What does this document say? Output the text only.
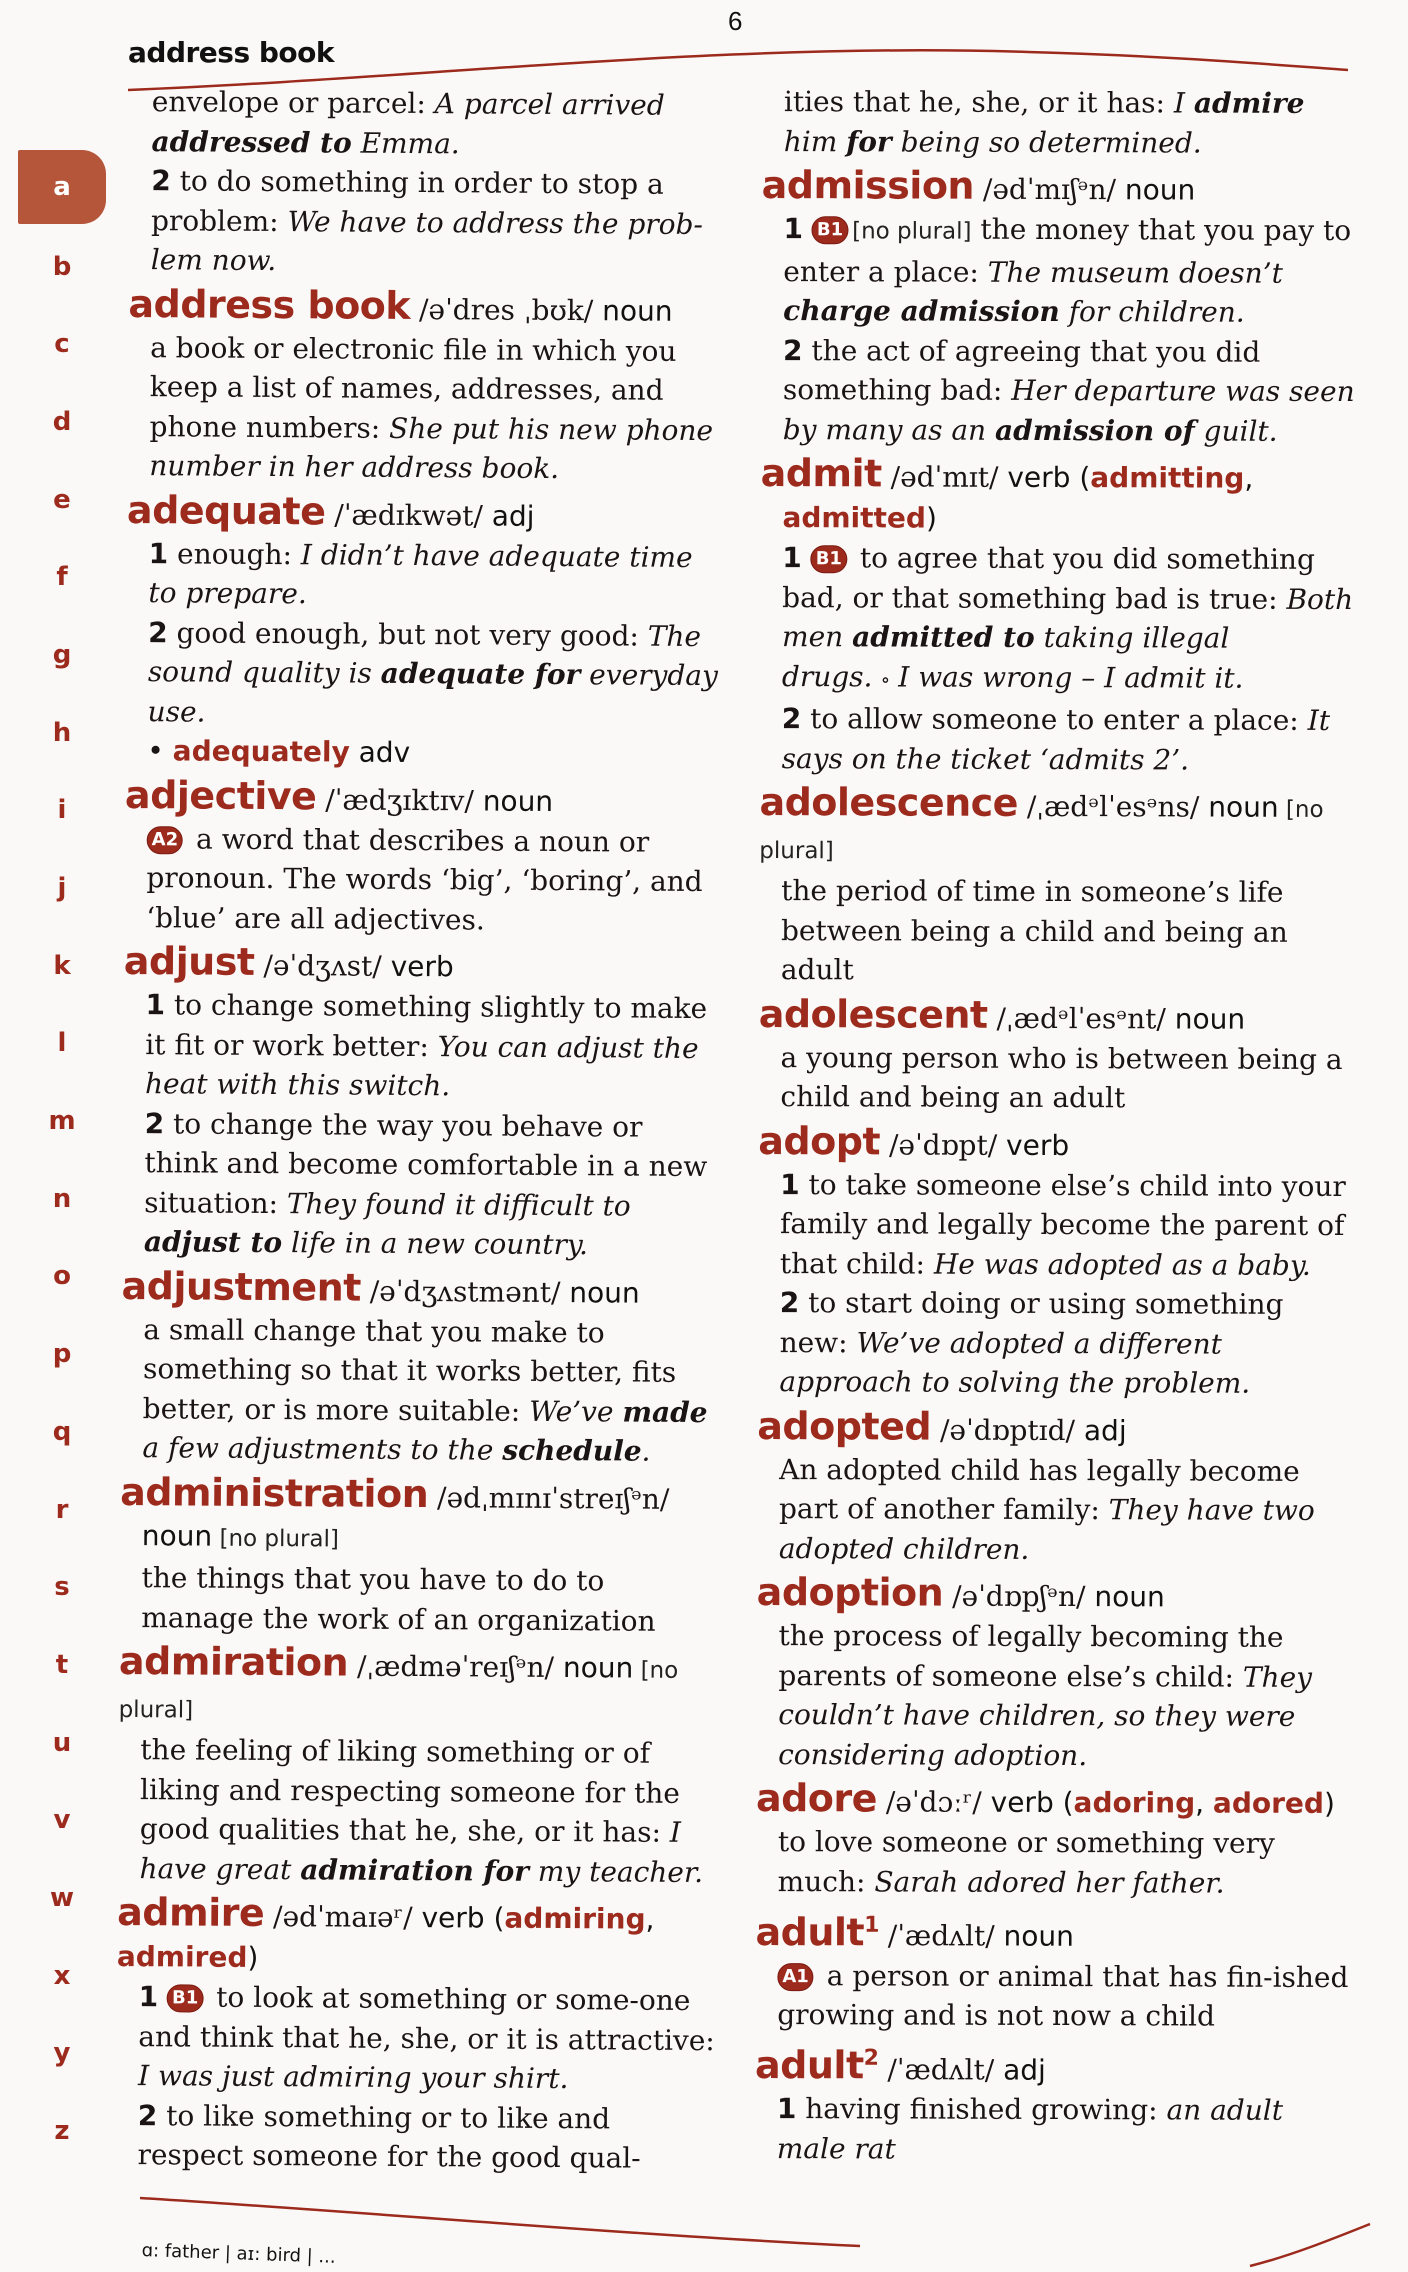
6
address book
a
b
c
d
e
f
g
h
i
j
k
l
m
n
o
p
q
r
s
t
u
v
w
x
y
z
envelope or parcel: A parcel arrived addressed to Emma.
2 to do something in order to stop a problem: We have to address the prob-lem now.
address book /əˈdres ˌbʊk/ noun
a book or electronic file in which you keep a list of names, addresses, and phone numbers: She put his new phone number in her address book.
adequate /ˈædɪkwət/ adj
1 enough: I didn’t have adequate time to prepare.
2 good enough, but not very good: The sound quality is adequate for everyday use.
• adequately adv
adjective /ˈædʒɪktɪv/ noun
A2 a word that describes a noun or pronoun. The words ‘big’, ‘boring’, and ‘blue’ are all adjectives.
adjust /əˈdʒʌst/ verb
1 to change something slightly to make it fit or work better: You can adjust the heat with this switch.
2 to change the way you behave or think and become comfortable in a new situation: They found it difficult to adjust to life in a new country.
adjustment /əˈdʒʌstmənt/ noun
a small change that you make to something so that it works better, fits better, or is more suitable: We’ve made a few adjustments to the schedule.
administration /ədˌmɪnɪˈstreɪʃᵊn/
noun [no plural]
the things that you have to do to manage the work of an organization
admiration /ˌædməˈreɪʃᵊn/ noun [no plural]
the feeling of liking something or of liking and respecting someone for the good qualities that he, she, or it has: I have great admiration for my teacher.
admire /ədˈmaɪəʳ/ verb (admiring, admired)
1 B1 to look at something or some-one and think that he, she, or it is attractive: I was just admiring your shirt.
2 to like something or to like and respect someone for the good qual-
ities that he, she, or it has: I admire him for being so determined.
admission /ədˈmɪʃᵊn/ noun
1 B1 [no plural] the money that you pay to enter a place: The museum doesn’t charge admission for children.
2 the act of agreeing that you did something bad: Her departure was seen by many as an admission of guilt.
admit /ədˈmɪt/ verb (admitting,
admitted)
1 B1 to agree that you did something bad, or that something bad is true: Both men admitted to taking illegal drugs. ∘ I was wrong – I admit it.
2 to allow someone to enter a place: It says on the ticket ‘admits 2’.
adolescence /ˌædᵊlˈesᵊns/ noun [no plural]
the period of time in someone’s life between being a child and being an adult
adolescent /ˌædᵊlˈesᵊnt/ noun
a young person who is between being a child and being an adult
adopt /əˈdɒpt/ verb
1 to take someone else’s child into your family and legally become the parent of that child: He was adopted as a baby.
2 to start doing or using something new: We’ve adopted a different approach to solving the problem.
adopted /əˈdɒptɪd/ adj
An adopted child has legally become part of another family: They have two adopted children.
adoption /əˈdɒpʃᵊn/ noun
the process of legally becoming the parents of someone else’s child: They couldn’t have children, so they were considering adoption.
adore /əˈdɔːʳ/ verb (adoring, adored)
to love someone or something very much: Sarah adored her father.
adult$^1$ /ˈædʌlt/ noun
A1 a person or animal that has fin-ished growing and is not now a child
adult$^2$ /ˈædʌlt/ adj
1 having finished growing: an adult male rat
ɑ: father | aɪ: bird | ...
